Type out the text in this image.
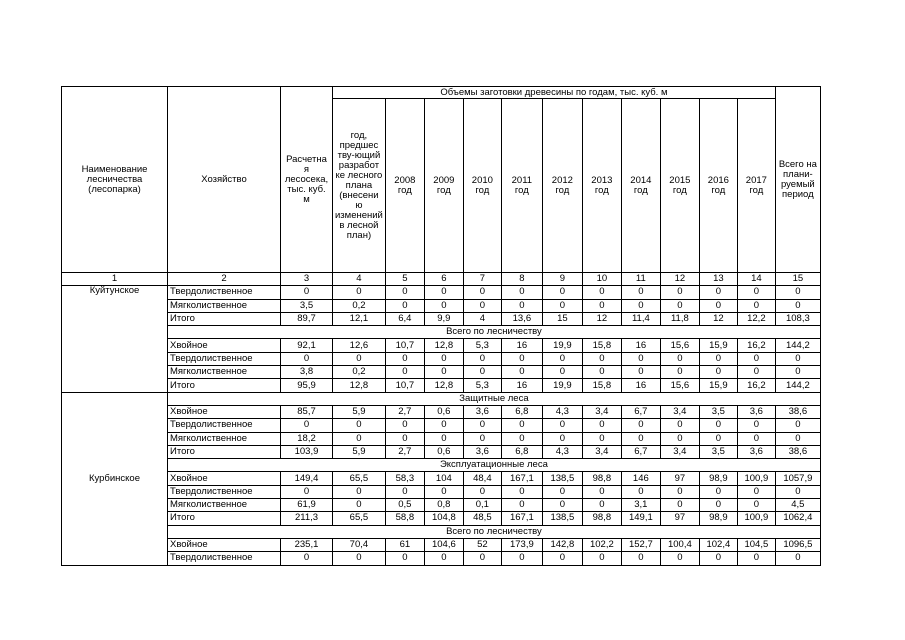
Наименование лесничества (лесопарка)	Хозяйство	Расчетна я лесосека, тыс. куб. м	Объемы заготовки древесины по годам, тыс. куб. м											Всего на плани-руемый период
			год, предшес тву-ющий разработ ке лесного плана (внесени ю изменений в лесной план)	2008 год	2009 год	2010 год	2011 год	2012 год	2013 год	2014 год	2015 год	2016 год	2017 год	
1	2	3	4	5	6	7	8	9	10	11	12	13	14	15
Куйтунское	Твердолиственное	0	0	0	0	0	0	0	0	0	0	0	0	0
	Мягколиственное	3,5	0,2	0	0	0	0	0	0	0	0	0	0	0
	Итого	89,7	12,1	6,4	9,9	4	13,6	15	12	11,4	11,8	12	12,2	108,3
	Всего по лесничеству													
	Хвойное	92,1	12,6	10,7	12,8	5,3	16	19,9	15,8	16	15,6	15,9	16,2	144,2
	Твердолиственное	0	0	0	0	0	0	0	0	0	0	0	0	0
	Мягколиственное	3,8	0,2	0	0	0	0	0	0	0	0	0	0	0
	Итого	95,9	12,8	10,7	12,8	5,3	16	19,9	15,8	16	15,6	15,9	16,2	144,2
Курбинское	Защитные леса													
	Хвойное	85,7	5,9	2,7	0,6	3,6	6,8	4,3	3,4	6,7	3,4	3,5	3,6	38,6
	Твердолиственное	0	0	0	0	0	0	0	0	0	0	0	0	0
	Мягколиственное	18,2	0	0	0	0	0	0	0	0	0	0	0	0
	Итого	103,9	5,9	2,7	0,6	3,6	6,8	4,3	3,4	6,7	3,4	3,5	3,6	38,6
	Эксплуатационные леса													
	Хвойное	149,4	65,5	58,3	104	48,4	167,1	138,5	98,8	146	97	98,9	100,9	1057,9
	Твердолиственное	0	0	0	0	0	0	0	0	0	0	0	0	0
	Мягколиственное	61,9	0	0,5	0,8	0,1	0	0	0	3,1	0	0	0	4,5
	Итого	211,3	65,5	58,8	104,8	48,5	167,1	138,5	98,8	149,1	97	98,9	100,9	1062,4
	Всего по лесничеству													
	Хвойное	235,1	70,4	61	104,6	52	173,9	142,8	102,2	152,7	100,4	102,4	104,5	1096,5
	Твердолиственное	0	0	0	0	0	0	0	0	0	0	0	0	0
